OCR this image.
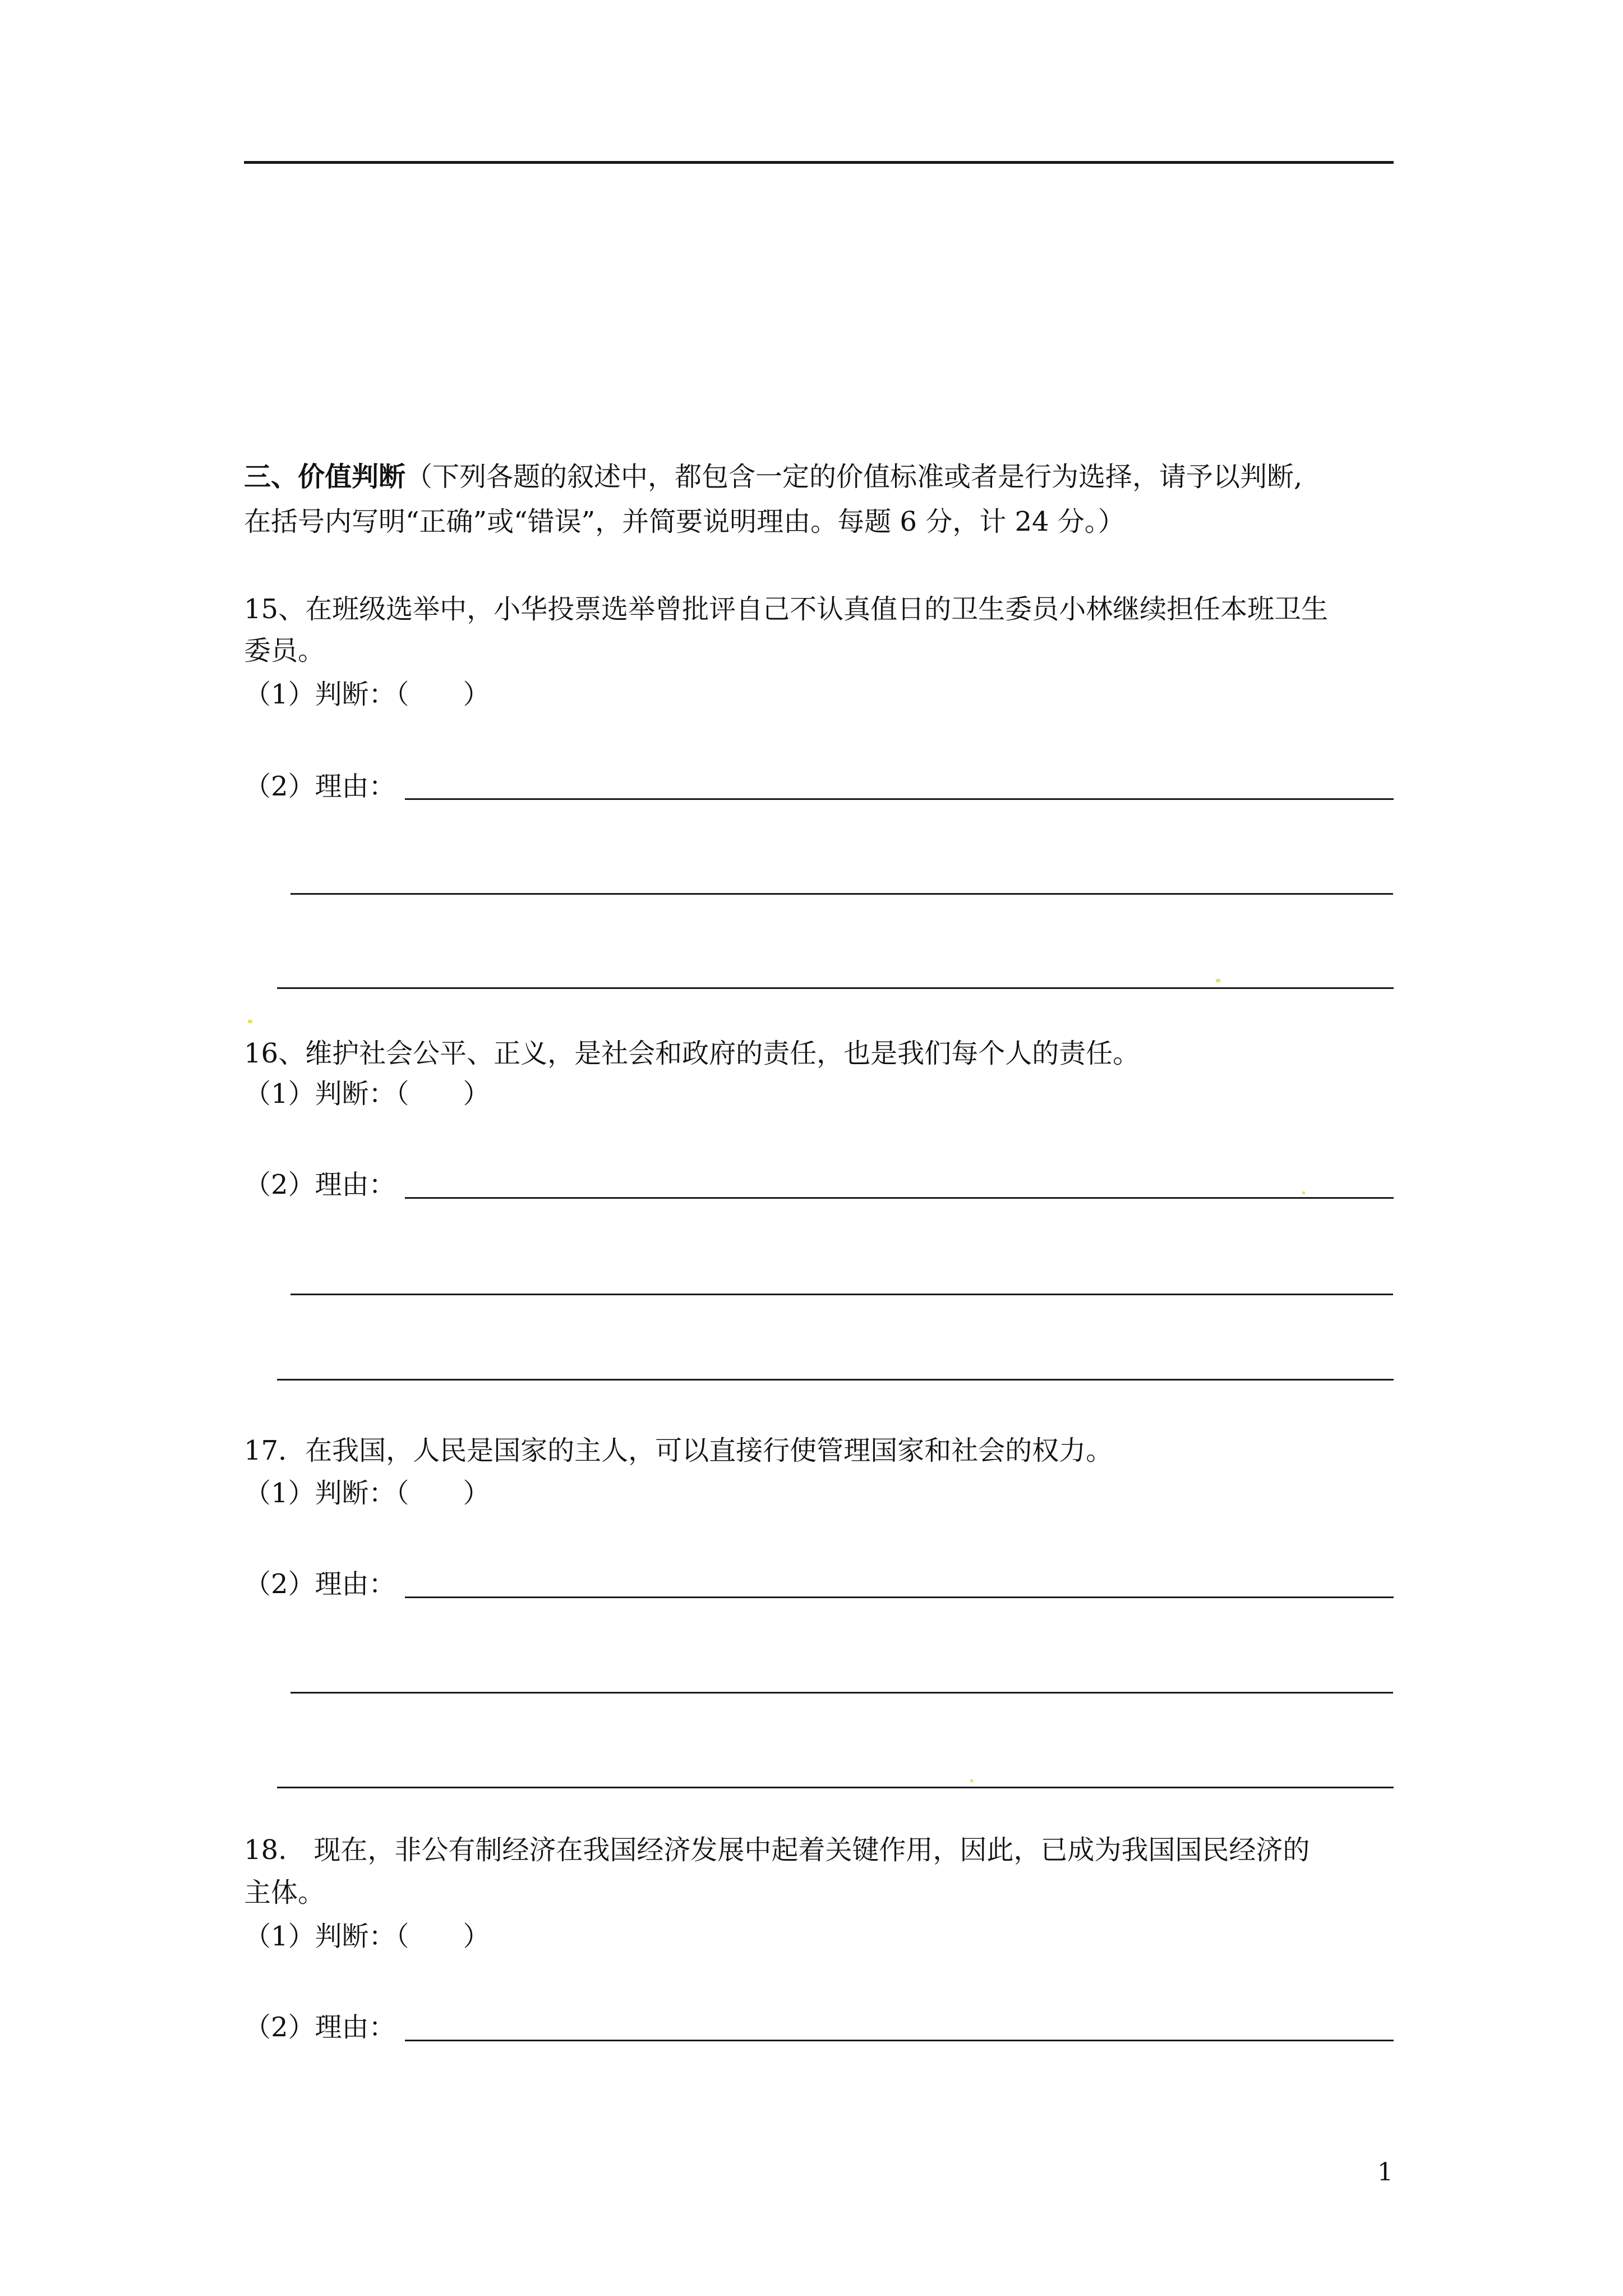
三、价值判断（下列各题的叙述中，都包含一定的价值标准或者是行为选择，请予以判断,
在括号内写明“正确”或“错误”，并简要说明理由。每题 6 分，计 24 分。）
15、在班级选举中，小华投票选举曾批评自己不认真值日的卫生委员小林继续担任本班卫生
委员。
（1）判断：（　　）
（2）理由：
16、维护社会公平、正义，是社会和政府的责任，也是我们每个人的责任。
（1）判断：（　　）
（2）理由：
17．在我国，人民是国家的主人，可以直接行使管理国家和社会的权力。
（1）判断：（　　）
（2）理由：
18.　现在，非公有制经济在我国经济发展中起着关键作用，因此，已成为我国国民经济的
主体。
（1）判断：（　　）
（2）理由：
1
